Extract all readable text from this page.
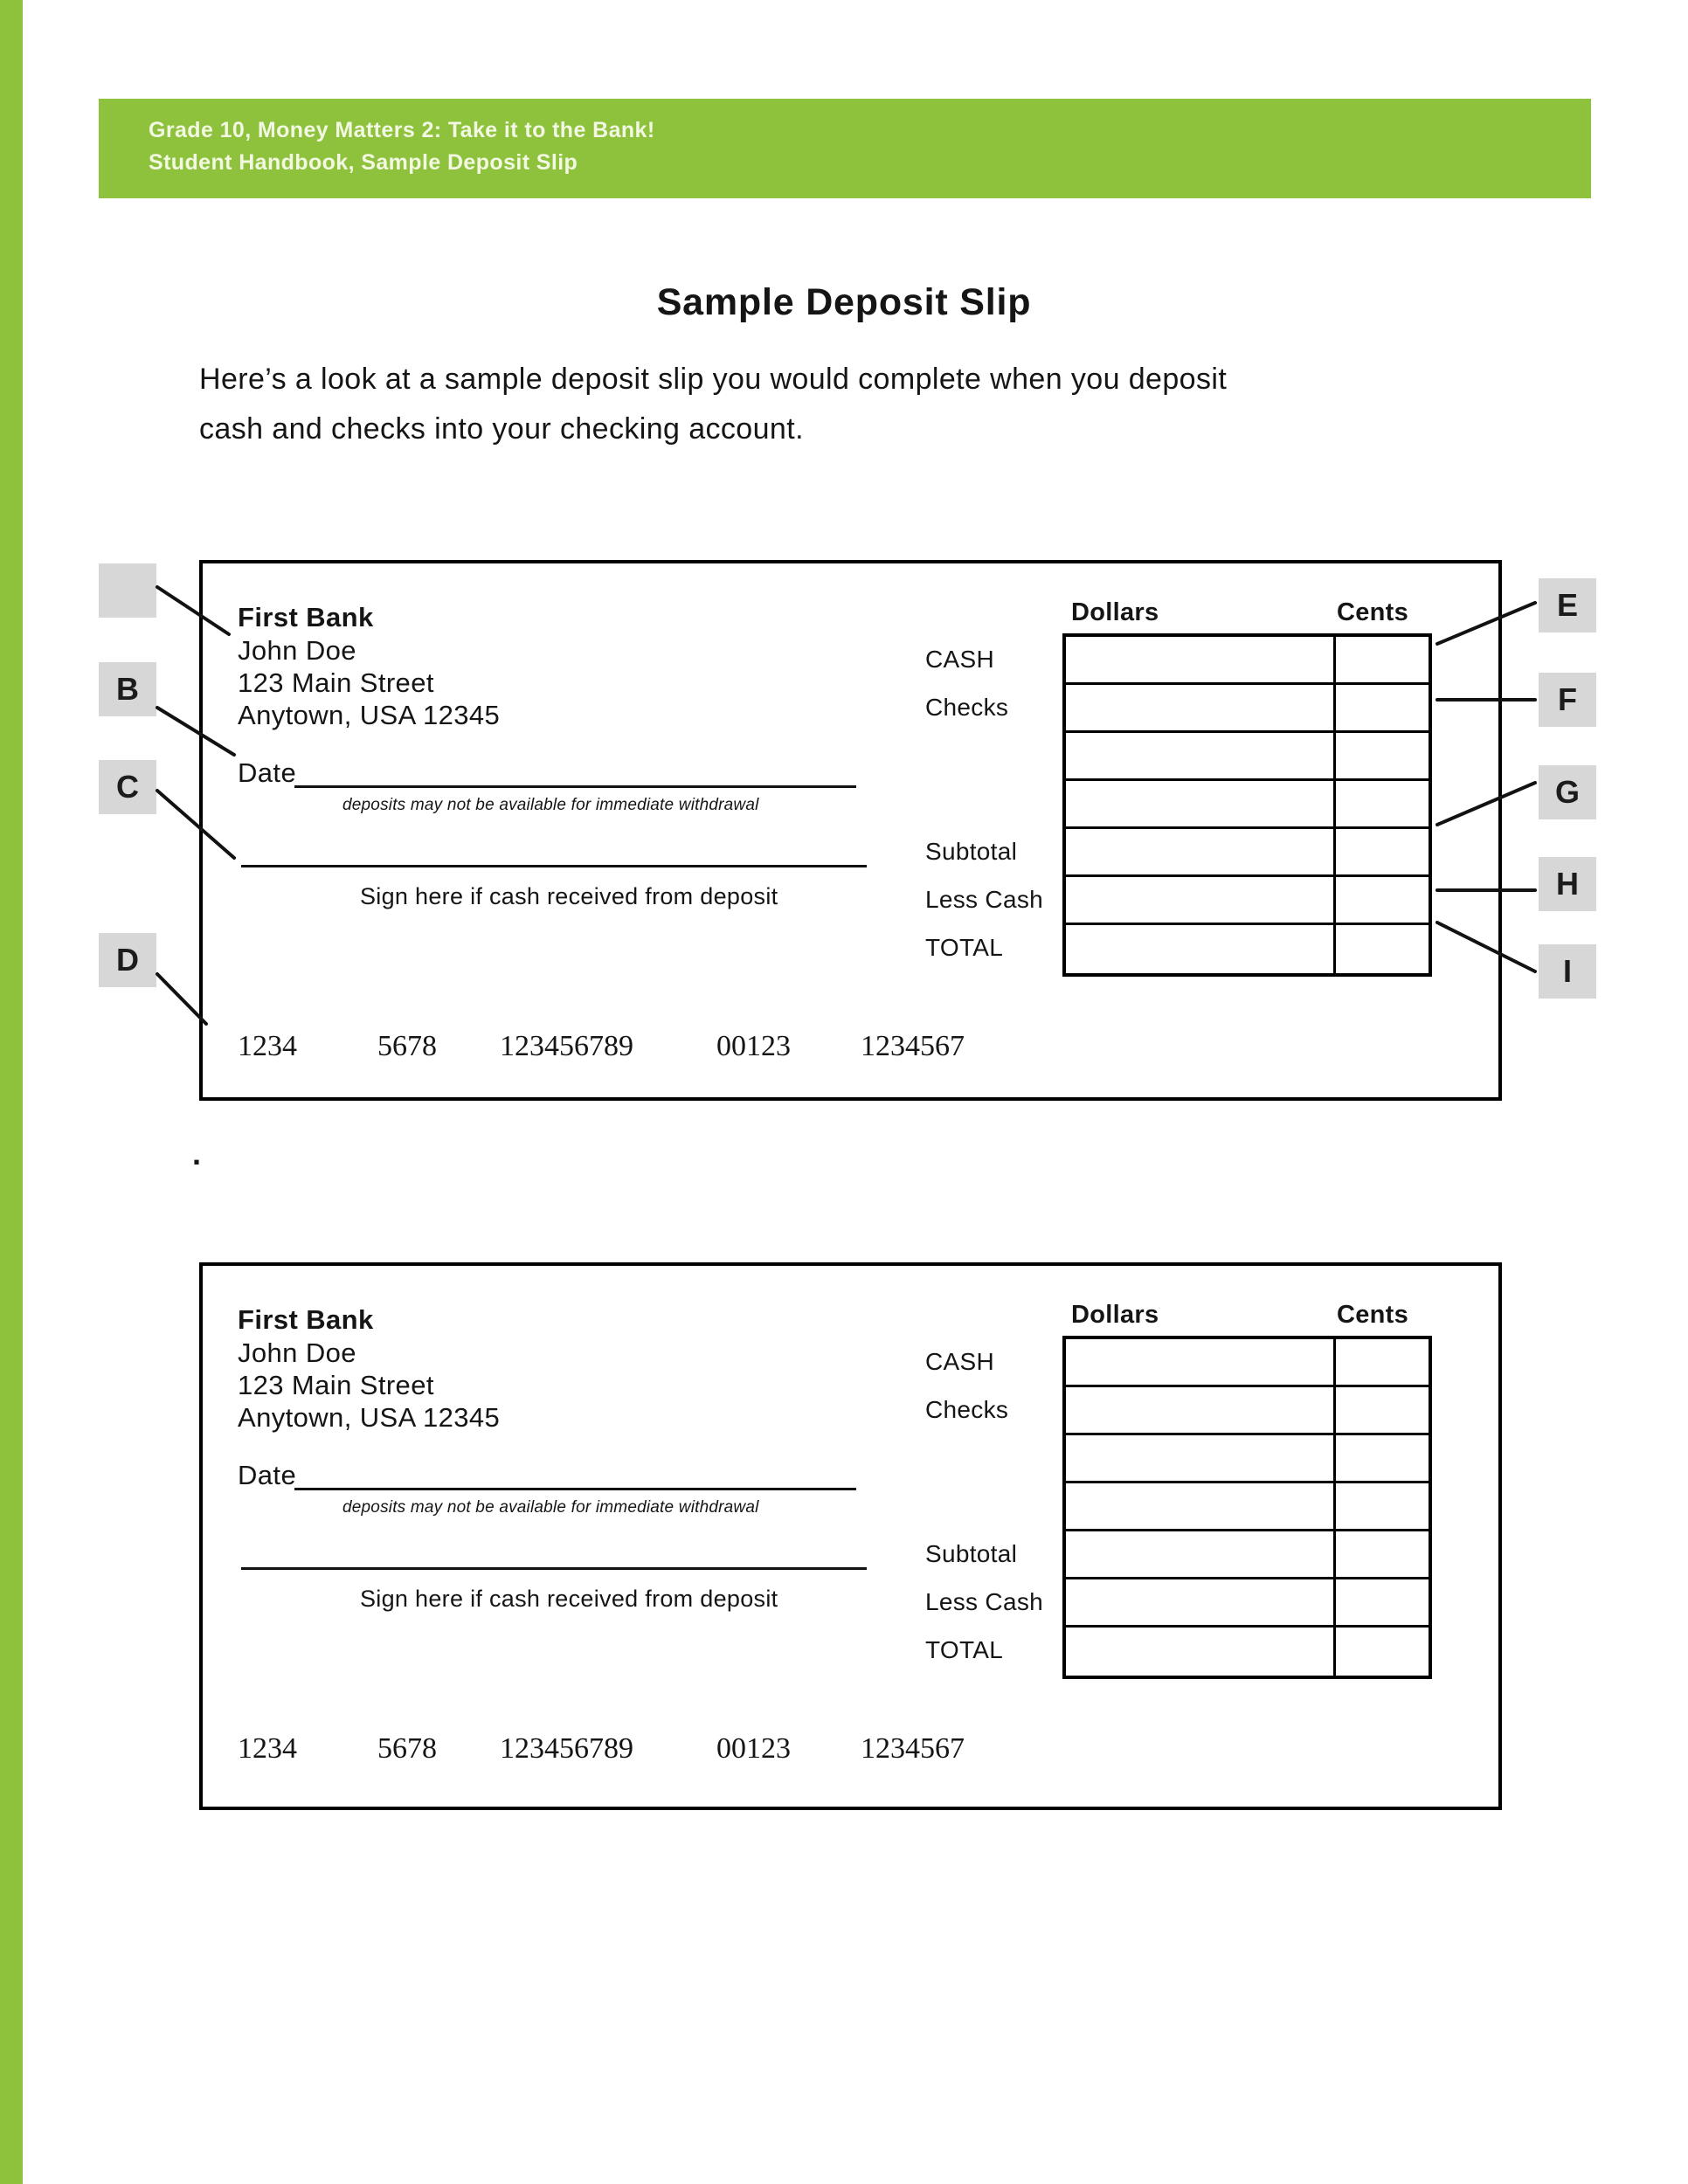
Grade 10, Money Matters 2: Take it to the Bank!
Student Handbook, Sample Deposit Slip
Sample Deposit Slip
Here’s a look at a sample deposit slip you would complete when you deposit
cash and checks into your checking account.
First Bank
John Doe
123 Main Street
Anytown, USA 12345
Date
deposits may not be available for immediate withdrawal
Sign here if cash received from deposit
Dollars	Cents
CASH
Checks
Subtotal
Less Cash
TOTAL
1234	5678 123456789	00123 1234567
.
First Bank
John Doe
123 Main Street
Anytown, USA 12345
Date
deposits may not be available for immediate withdrawal
Sign here if cash received from deposit
Dollars	Cents
CASH
Checks
Subtotal
Less Cash
TOTAL
1234	5678 123456789	00123 1234567
B
C
D
E
F
G
H
I
